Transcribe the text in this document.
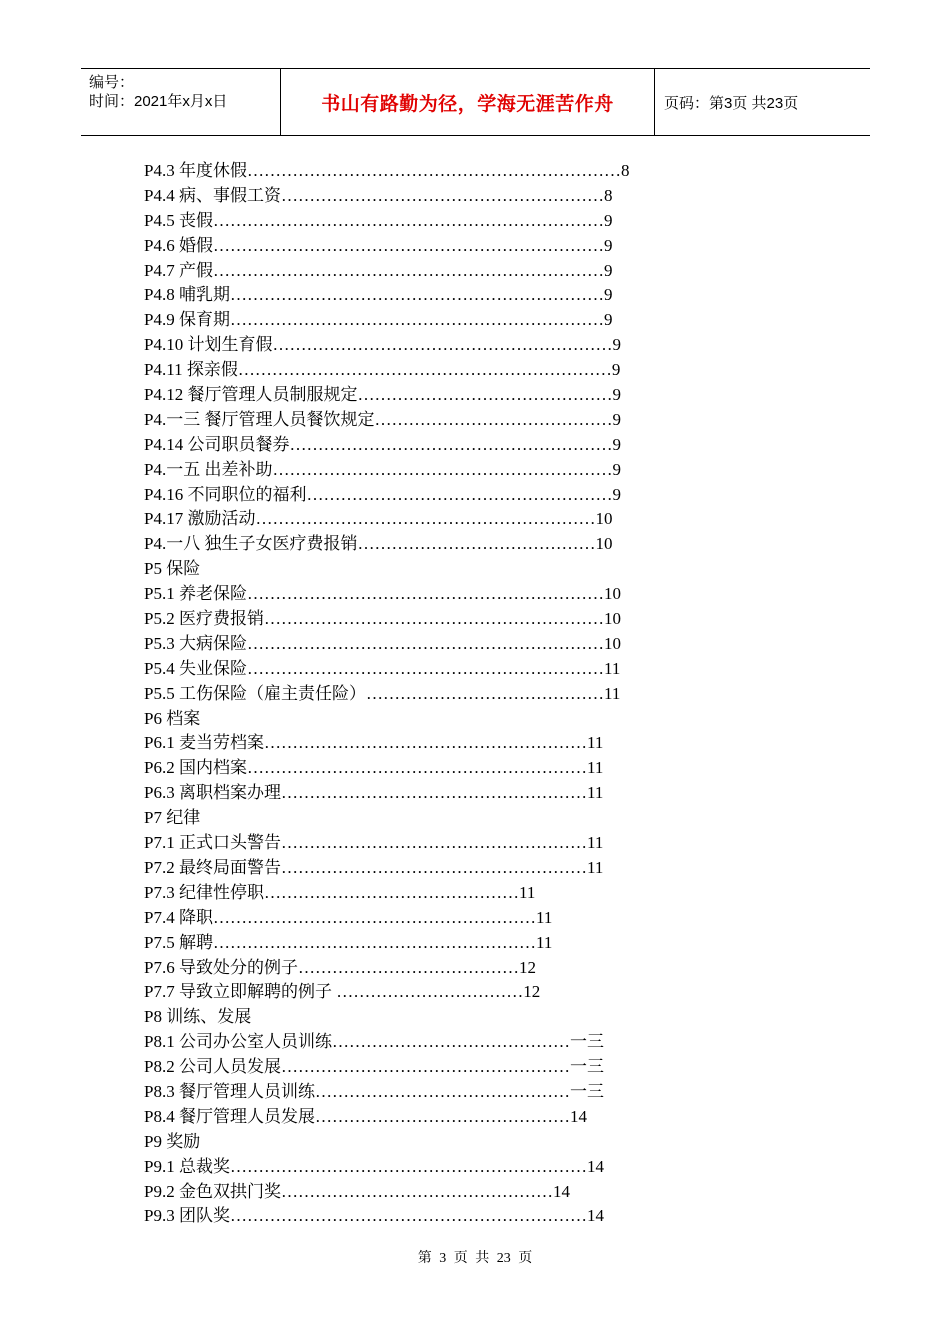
编号：
时间：2021年x月x日	书山有路勤为径，学海无涯苦作舟	页码：第3页 共23页
P4.3 年度休假…………………………………………………………8
P4.4 病、事假工资…………………………………………………8
P4.5 丧假……………………………………………………………9
P4.6 婚假……………………………………………………………9
P4.7 产假……………………………………………………………9
P4.8 哺乳期…………………………………………………………9
P4.9 保育期…………………………………………………………9
P4.10 计划生育假……………………………………………………9
P4.11 探亲假…………………………………………………………9
P4.12 餐厅管理人员制服规定………………………………………9
P4.一三 餐厅管理人员餐饮规定……………………………………9
P4.14 公司职员餐券…………………………………………………9
P4.一五 出差补助……………………………………………………9
P4.16 不同职位的福利………………………………………………9
P4.17 激励活动……………………………………………………10
P4.一八 独生子女医疗费报销……………………………………10
P5 保险
P5.1 养老保险………………………………………………………10
P5.2 医疗费报销……………………………………………………10
P5.3 大病保险………………………………………………………10
P5.4 失业保险………………………………………………………11
P5.5 工伤保险（雇主责任险）……………………………………11
P6 档案
P6.1 麦当劳档案…………………………………………………11
P6.2 国内档案……………………………………………………11
P6.3 离职档案办理………………………………………………11
P7 纪律
P7.1 正式口头警告………………………………………………11
P7.2 最终局面警告………………………………………………11
P7.3 纪律性停职………………………………………11
P7.4 降职…………………………………………………11
P7.5 解聘…………………………………………………11
P7.6 导致处分的例子…………………………………12
P7.7 导致立即解聘的例子 ……………………………12
P8 训练、发展
P8.1 公司办公室人员训练……………………………………一三
P8.2 公司人员发展……………………………………………一三
P8.3 餐厅管理人员训练………………………………………一三
P8.4 餐厅管理人员发展………………………………………14
P9 奖励
P9.1 总裁奖………………………………………………………14
P9.2 金色双拱门奖…………………………………………14
P9.3 团队奖………………………………………………………14
第 3 页 共 23 页
